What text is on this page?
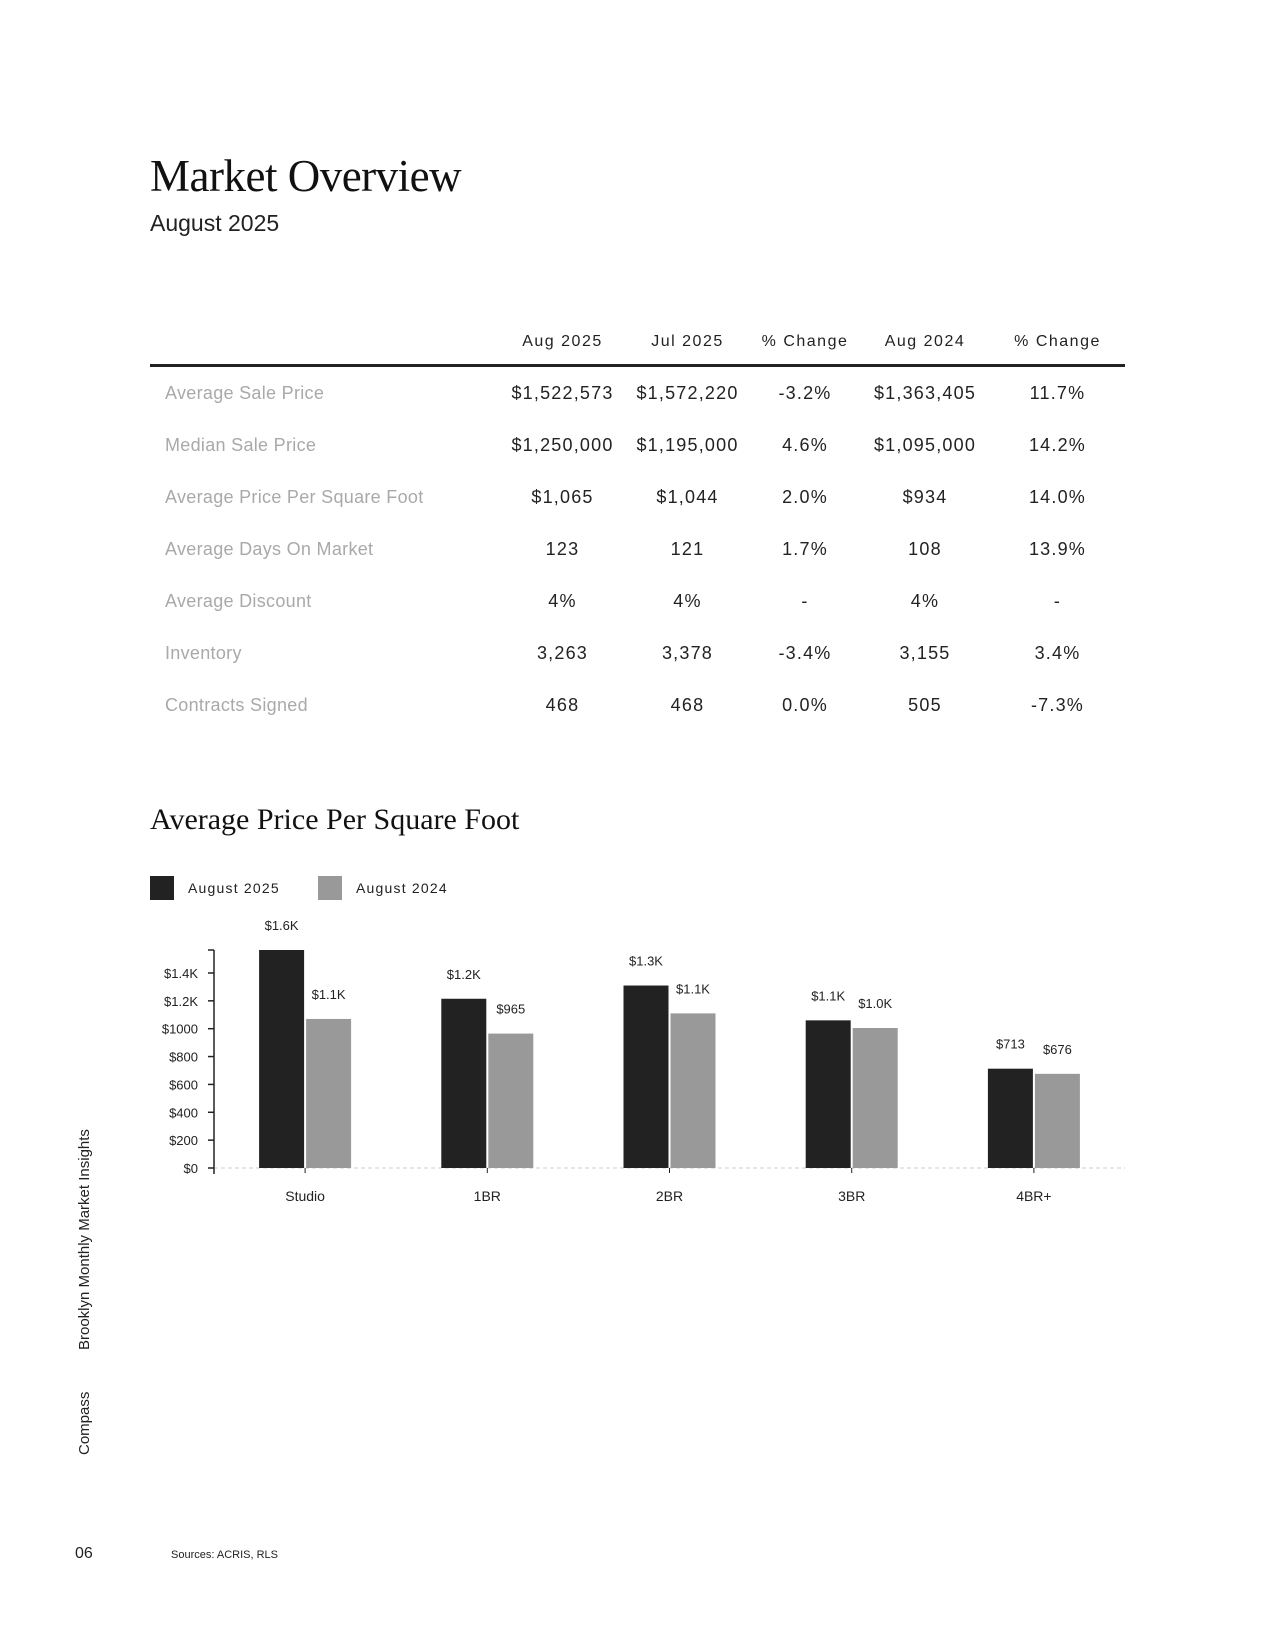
Market Overview
August 2025
	Aug 2025	Jul 2025	% Change	Aug 2024	% Change
Average Sale Price	$1,522,573	$1,572,220	-3.2%	$1,363,405	11.7%
Median Sale Price	$1,250,000	$1,195,000	4.6%	$1,095,000	14.2%
Average Price Per Square Foot	$1,065	$1,044	2.0%	$934	14.0%
Average Days On Market	123	121	1.7%	108	13.9%
Average Discount	4%	4%	-	4%	-
Inventory	3,263	3,378	-3.4%	3,155	3.4%
Contracts Signed	468	468	0.0%	505	-7.3%
Average Price Per Square Foot
August 2025	August 2024
$0
$200
$400
$600
$800
$1000
$1.2K
$1.4K
$1.6K
$1.1K
Studio
$1.2K
$965
1BR
$1.3K
$1.1K
2BR
$1.1K
$1.0K
3BR
$713 $676
4BR+
Compass
Brooklyn Monthly Market Insights
06	Sources: ACRIS, RLS
